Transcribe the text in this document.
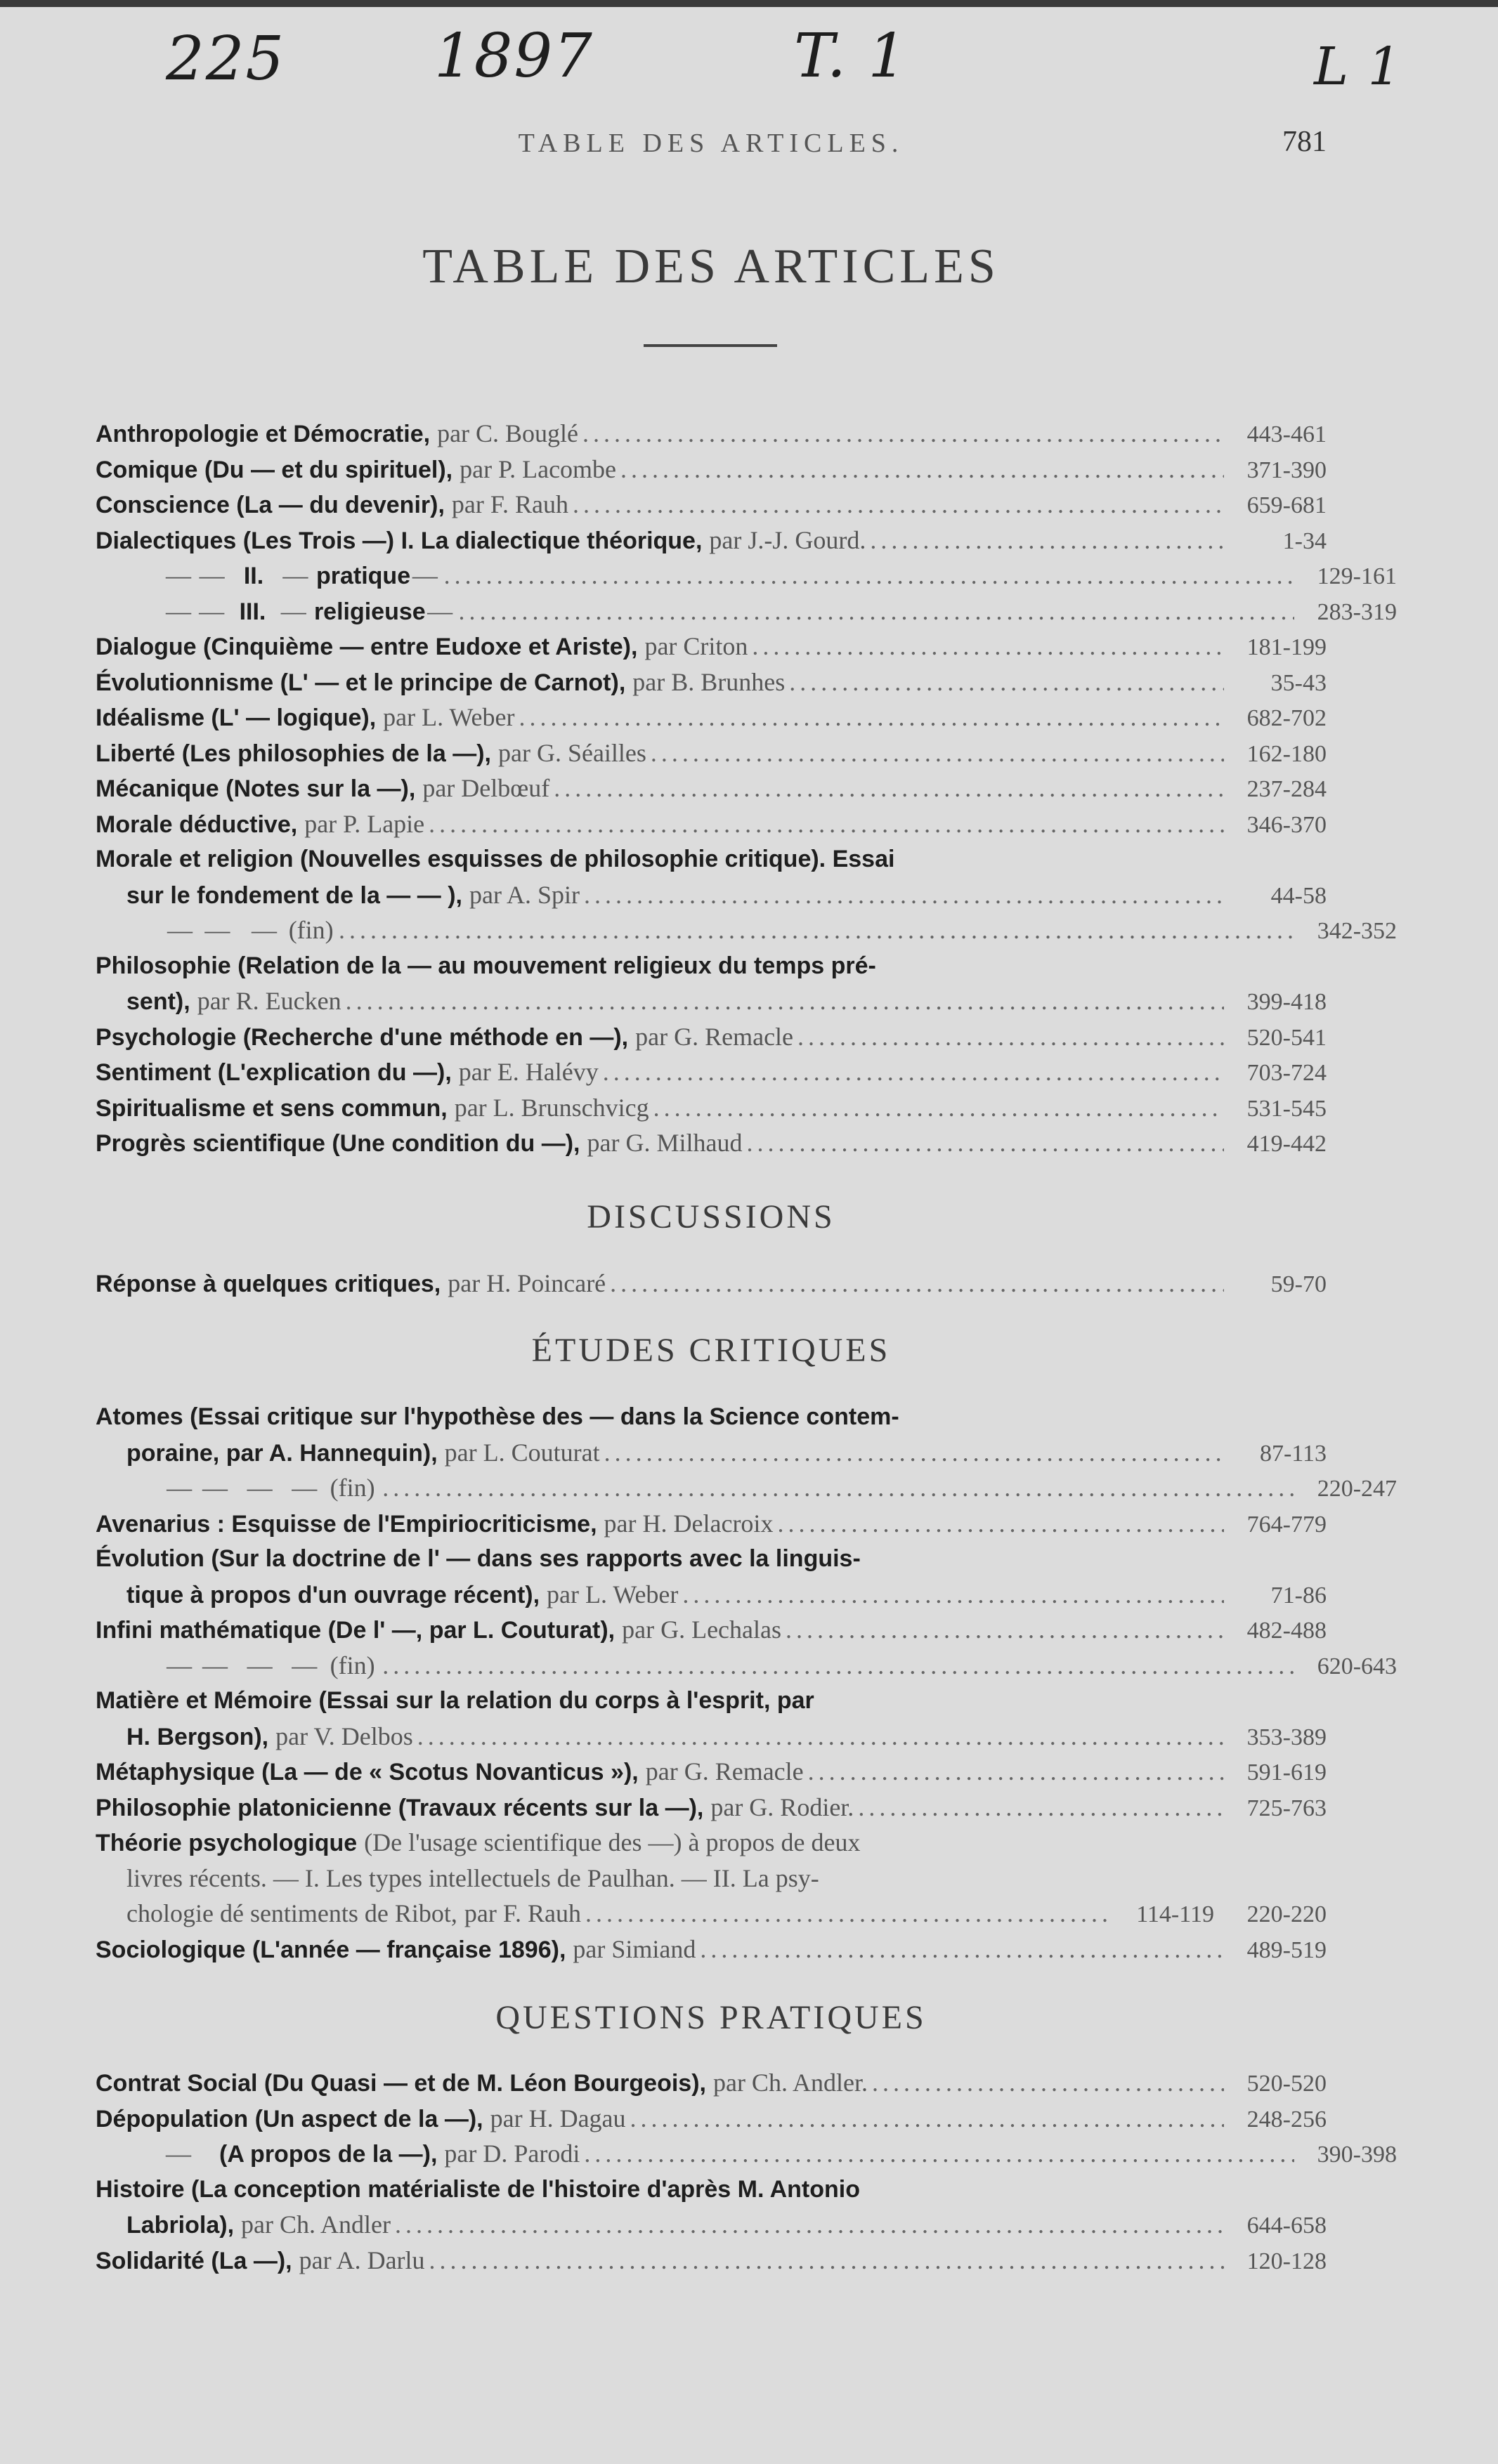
225 1897	T. 1	L 1
TABLE DES ARTICLES.	781
TABLE DES ARTICLES
Anthropologie et Démocratie, par C. Bouglé .....	443-461
Comique (Du — et du spirituel), par P. Lacombe .....	371-390
Conscience (La — du devenir), par F. Rauh .....	659-681
Dialectiques (Les Trois —) I. La dialectique théorique, par J.-J. Gourd. .....	1-34
— — II. — pratique — .....	129-161
— — III. — religieuse — .....	283-319
Dialogue (Cinquième — entre Eudoxe et Ariste), par Criton .....	181-199
Évolutionnisme (L' — et le principe de Carnot), par B. Brunhes .....	35-43
Idéalisme (L' — logique), par L. Weber .....	682-702
Liberté (Les philosophies de la —), par G. Séailles .....	162-180
Mécanique (Notes sur la —), par Delbœuf .....	237-284
Morale déductive, par P. Lapie .....	346-370
Morale et religion (Nouvelles esquisses de philosophie critique). Essai
sur le fondement de la — — ), par A. Spir .....	44-58
— — — (fin) .....	342-352
Philosophie (Relation de la — au mouvement religieux du temps pré-
sent), par R. Eucken .....	399-418
Psychologie (Recherche d'une méthode en —), par G. Remacle .....	520-541
Sentiment (L'explication du —), par E. Halévy .....	703-724
Spiritualisme et sens commun, par L. Brunschvicg .....	531-545
Progrès scientifique (Une condition du —), par G. Milhaud .....	419-442
DISCUSSIONS
Réponse à quelques critiques, par H. Poincaré .....	59-70
ÉTUDES CRITIQUES
Atomes (Essai critique sur l'hypothèse des — dans la Science contem-
poraine, par A. Hannequin), par L. Couturat .....	87-113
— — — — (fin) .....	220-247
Avenarius : Esquisse de l'Empiriocriticisme, par H. Delacroix .....	764-779
Évolution (Sur la doctrine de l' — dans ses rapports avec la linguis-
tique à propos d'un ouvrage récent), par L. Weber .....	71-86
Infini mathématique (De l' —, par L. Couturat), par G. Lechalas .....	482-488
— — — — (fin) .....	620-643
Matière et Mémoire (Essai sur la relation du corps à l'esprit, par
H. Bergson), par V. Delbos .....	353-389
Métaphysique (La — de « Scotus Novanticus »), par G. Remacle .....	591-619
Philosophie platonicienne (Travaux récents sur la —), par G. Rodier. .....	725-763
Théorie psychologique (De l'usage scientifique des —) à propos de deux
livres récents. — I. Les types intellectuels de Paulhan. — II. La psy-
chologie dé sentiments de Ribot, par F. Rauh .....	114-119	220-220
Sociologique (L'année — française 1896), par Simiand .....	489-519
QUESTIONS PRATIQUES
Contrat Social (Du Quasi — et de M. Léon Bourgeois), par Ch. Andler. .....	520-520
Dépopulation (Un aspect de la —), par H. Dagau .....	248-256
— (A propos de la —), par D. Parodi .....	390-398
Histoire (La conception matérialiste de l'histoire d'après M. Antonio
Labriola), par Ch. Andler .....	644-658
Solidarité (La —), par A. Darlu .....	120-128
